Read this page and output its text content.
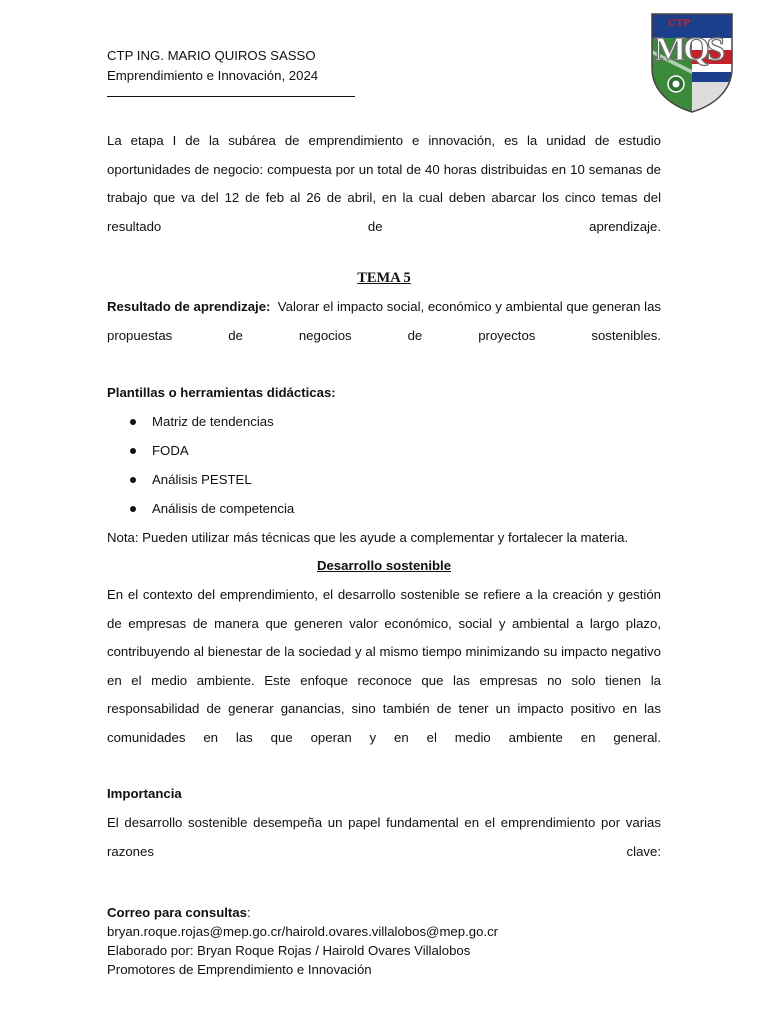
CTP ING. MARIO QUIROS SASSO
Emprendimiento e Innovación, 2024
CTP
MQS
La etapa I de la subárea de emprendimiento e innovación, es la unidad de estudio oportunidades de negocio: compuesta por un total de 40 horas distribuidas en 10 semanas de trabajo que va del 12 de feb al 26 de abril, en la cual deben abarcar los cinco temas del resultado de aprendizaje.
TEMA 5
Resultado de aprendizaje: Valorar el impacto social, económico y ambiental que generan las propuestas de negocios de proyectos sostenibles.
Plantillas o herramientas didácticas:
Matriz de tendencias
FODA
Análisis PESTEL
Análisis de competencia
Nota: Pueden utilizar más técnicas que les ayude a complementar y fortalecer la materia.
Desarrollo sostenible
En el contexto del emprendimiento, el desarrollo sostenible se refiere a la creación y gestión de empresas de manera que generen valor económico, social y ambiental a largo plazo, contribuyendo al bienestar de la sociedad y al mismo tiempo minimizando su impacto negativo en el medio ambiente. Este enfoque reconoce que las empresas no solo tienen la responsabilidad de generar ganancias, sino también de tener un impacto positivo en las comunidades en las que operan y en el medio ambiente en general.
Importancia
El desarrollo sostenible desempeña un papel fundamental en el emprendimiento por varias razones clave:
Correo para consultas:
bryan.roque.rojas@mep.go.cr/hairold.ovares.villalobos@mep.go.cr
Elaborado por: Bryan Roque Rojas / Hairold Ovares Villalobos
Promotores de Emprendimiento e Innovación
